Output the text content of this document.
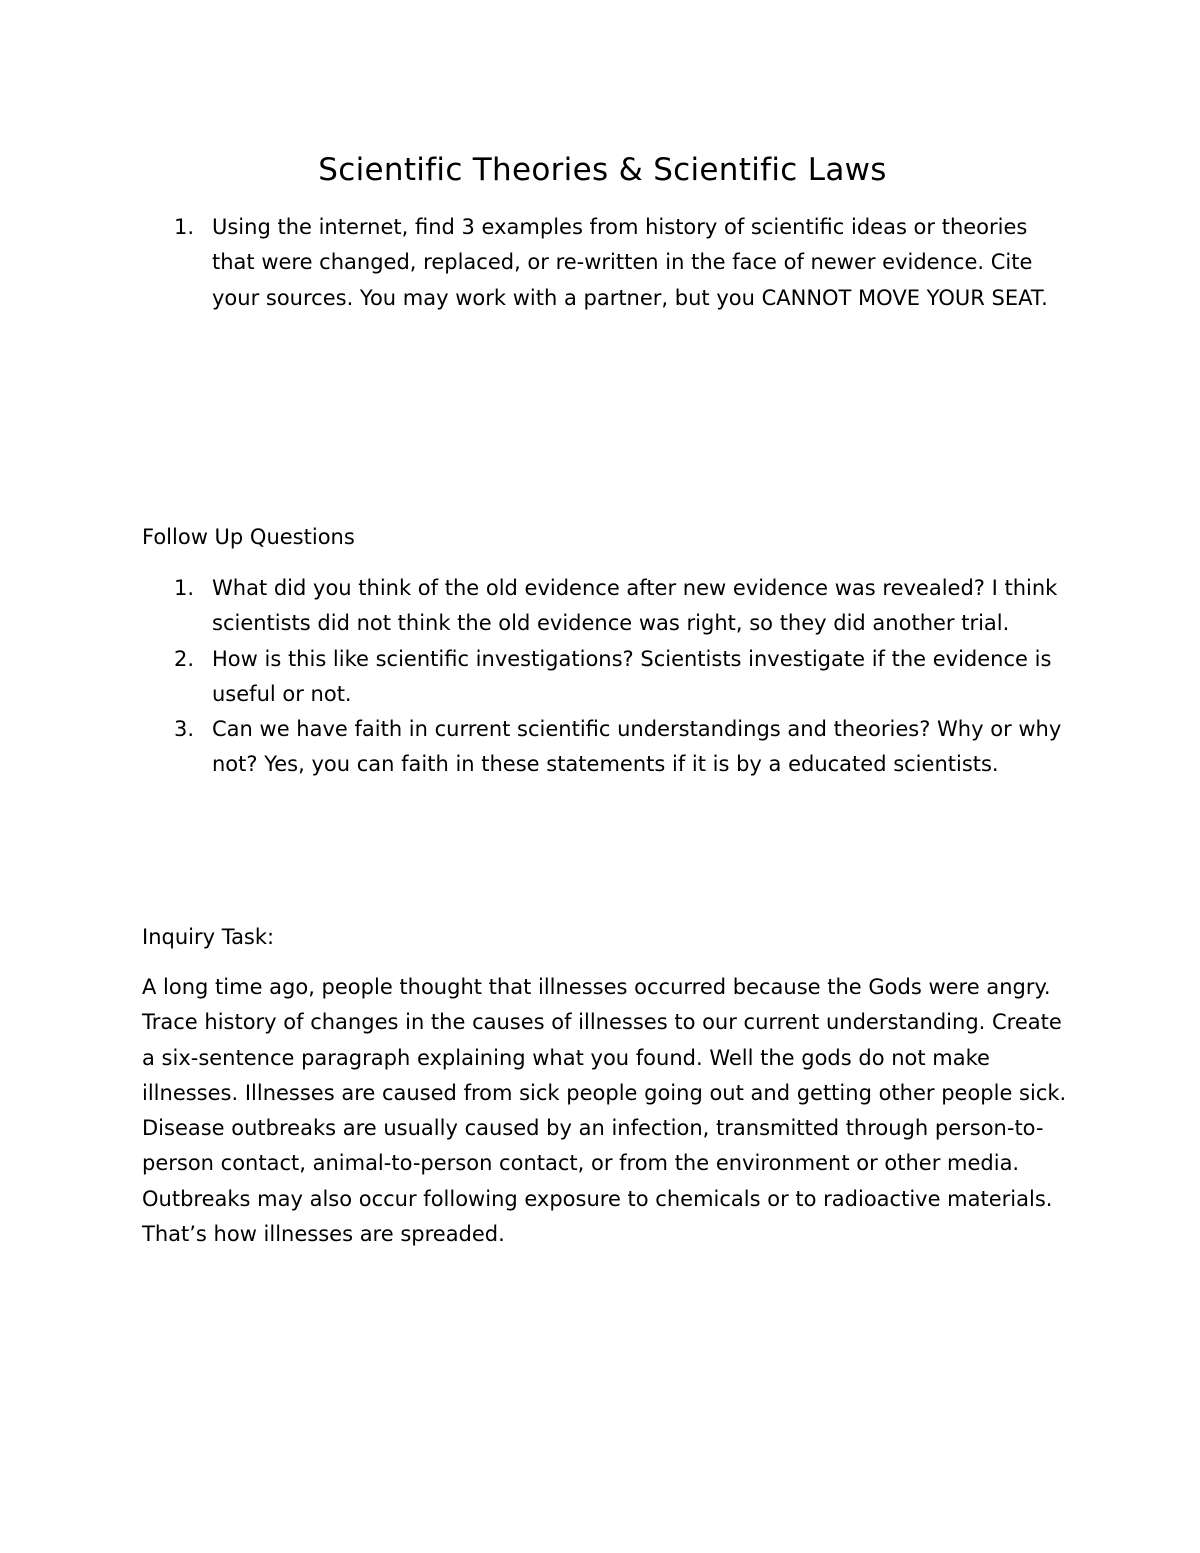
Scientific Theories & Scientific Laws
1. Using the internet, find 3 examples from history of scientific ideas or theories that were changed, replaced, or re-written in the face of newer evidence. Cite your sources. You may work with a partner, but you CANNOT MOVE YOUR SEAT.

Follow Up Questions

1. What did you think of the old evidence after new evidence was revealed? I think scientists did not think the old evidence was right, so they did another trial.
2. How is this like scientific investigations? Scientists investigate if the evidence is useful or not.
3. Can we have faith in current scientific understandings and theories? Why or why not? Yes, you can faith in these statements if it is by a educated scientists.

Inquiry Task:

A long time ago, people thought that illnesses occurred because the Gods were angry. Trace history of changes in the causes of illnesses to our current understanding. Create a six-sentence paragraph explaining what you found. Well the gods do not make illnesses. Illnesses are caused from sick people going out and getting other people sick. Disease outbreaks are usually caused by an infection, transmitted through person-to-person contact, animal-to-person contact, or from the environment or other media. Outbreaks may also occur following exposure to chemicals or to radioactive materials. That’s how illnesses are spreaded.
